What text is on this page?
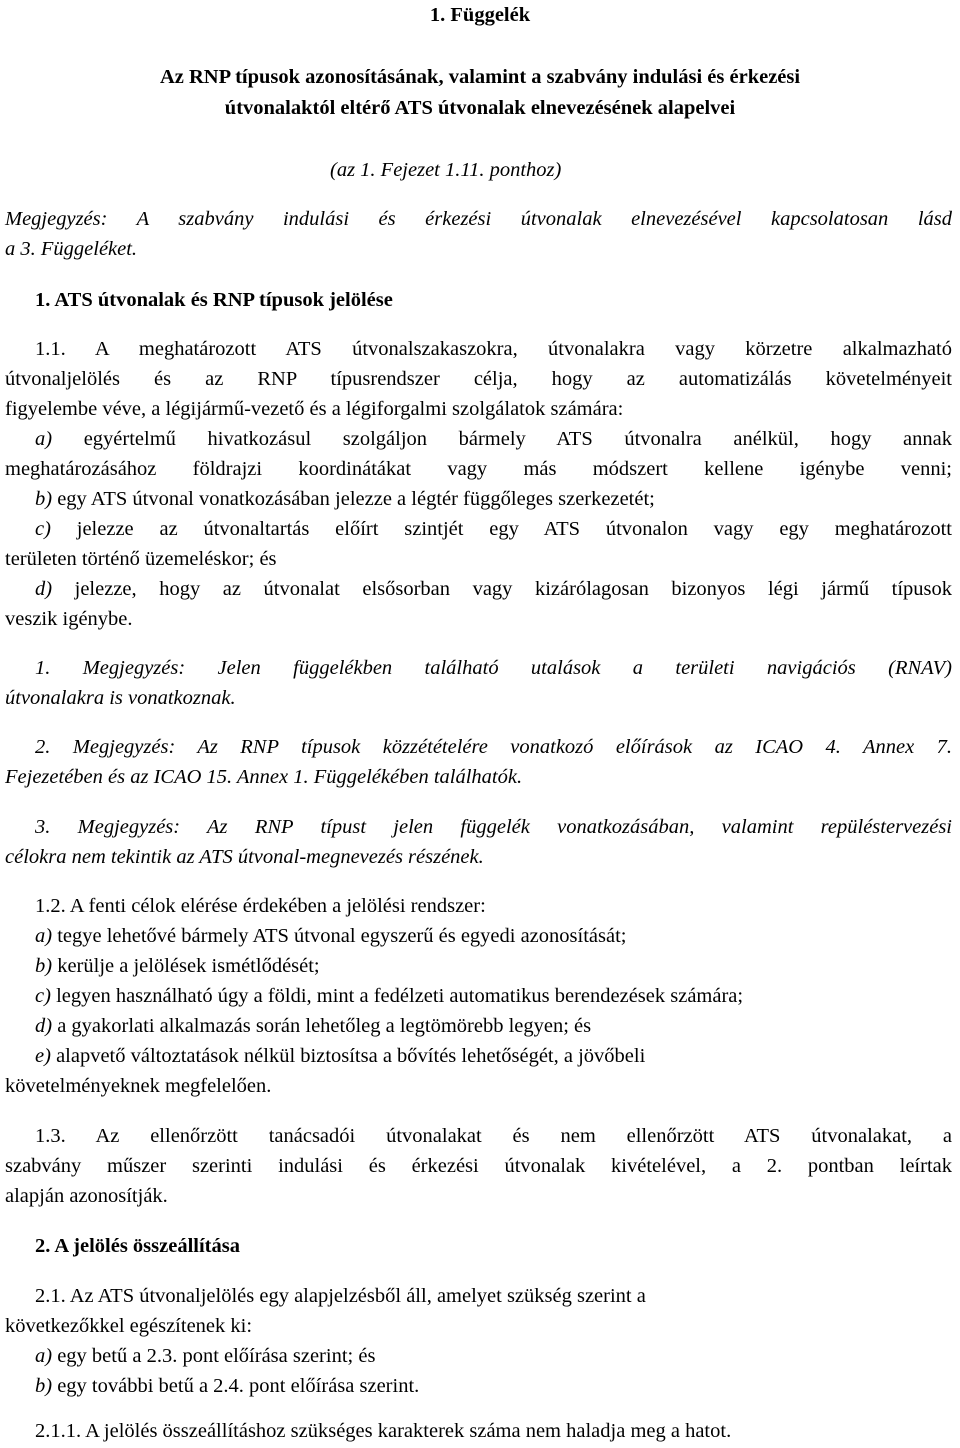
1. Függelék
Az RNP típusok azonosításának, valamint a szabvány indulási és érkezési
útvonalaktól eltérő ATS útvonalak elnevezésének alapelvei
(az 1. Fejezet 1.11. ponthoz)
Megjegyzés: A szabvány indulási és érkezési útvonalak elnevezésével kapcsolatosan lásd
a 3. Függeléket.
1. ATS útvonalak és RNP típusok jelölése
1.1. A meghatározott ATS útvonalszakaszokra, útvonalakra vagy körzetre alkalmazható
útvonaljelölés és az RNP típusrendszer célja, hogy az automatizálás követelményeit
figyelembe véve, a légijármű-vezető és a légiforgalmi szolgálatok számára:
a) egyértelmű hivatkozásul szolgáljon bármely ATS útvonalra anélkül, hogy annak
meghatározásához földrajzi koordinátákat vagy más módszert kellene igénybe venni;
b) egy ATS útvonal vonatkozásában jelezze a légtér függőleges szerkezetét;
c) jelezze az útvonaltartás előírt szintjét egy ATS útvonalon vagy egy meghatározott
területen történő üzemeléskor; és
d) jelezze, hogy az útvonalat elsősorban vagy kizárólagosan bizonyos légi jármű típusok
veszik igénybe.
1. Megjegyzés: Jelen függelékben található utalások a területi navigációs (RNAV)
útvonalakra is vonatkoznak.
2. Megjegyzés: Az RNP típusok közzétételére vonatkozó előírások az ICAO 4. Annex 7.
Fejezetében és az ICAO 15. Annex 1. Függelékében találhatók.
3. Megjegyzés: Az RNP típust jelen függelék vonatkozásában, valamint repüléstervezési
célokra nem tekintik az ATS útvonal-megnevezés részének.
1.2. A fenti célok elérése érdekében a jelölési rendszer:
a) tegye lehetővé bármely ATS útvonal egyszerű és egyedi azonosítását;
b) kerülje a jelölések ismétlődését;
c) legyen használható úgy a földi, mint a fedélzeti automatikus berendezések számára;
d) a gyakorlati alkalmazás során lehetőleg a legtömörebb legyen; és
e) alapvető változtatások nélkül biztosítsa a bővítés lehetőségét, a jövőbeli
követelményeknek megfelelően.
1.3. Az ellenőrzött tanácsadói útvonalakat és nem ellenőrzött ATS útvonalakat, a
szabvány műszer szerinti indulási és érkezési útvonalak kivételével, a 2. pontban leírtak
alapján azonosítják.
2. A jelölés összeállítása
2.1. Az ATS útvonaljelölés egy alapjelzésből áll, amelyet szükség szerint a
következőkkel egészítenek ki:
a) egy betű a 2.3. pont előírása szerint; és
b) egy további betű a 2.4. pont előírása szerint.
2.1.1. A jelölés összeállításhoz szükséges karakterek száma nem haladja meg a hatot.
